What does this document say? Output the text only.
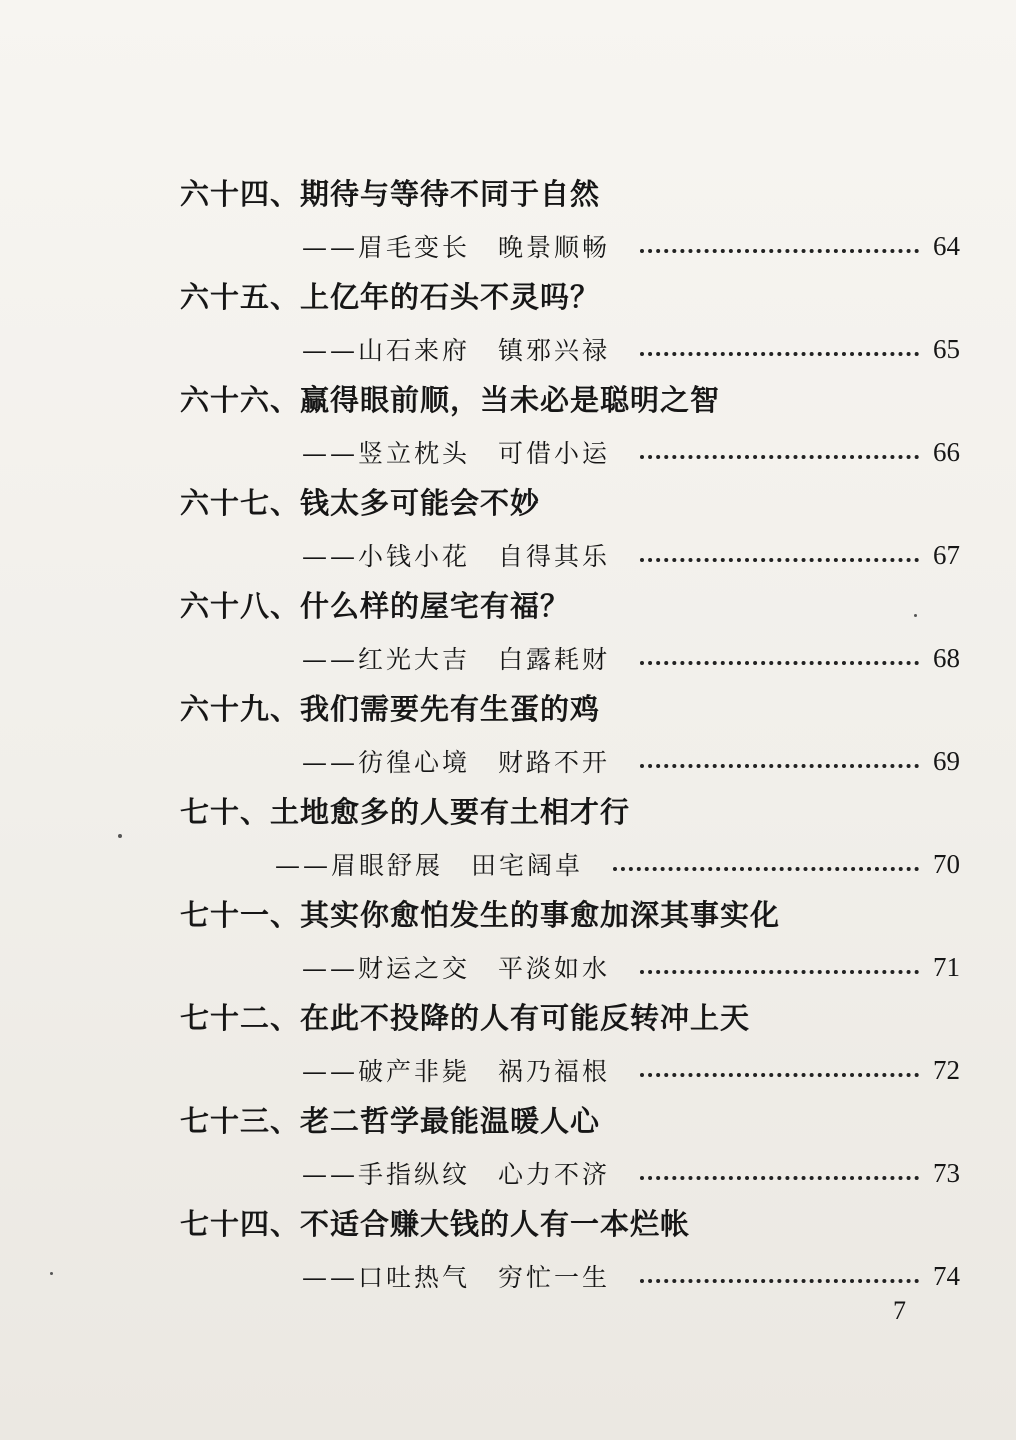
六十四、期待与等待不同于自然
——眉毛变长　晚景顺畅	64
六十五、上亿年的石头不灵吗？
——山石来府　镇邪兴禄	65
六十六、赢得眼前顺，当未必是聪明之智
——竖立枕头　可借小运	66
六十七、钱太多可能会不妙
——小钱小花　自得其乐	67
六十八、什么样的屋宅有福？
——红光大吉　白露耗财	68
六十九、我们需要先有生蛋的鸡
——彷徨心境　财路不开	69
七十、土地愈多的人要有土相才行
——眉眼舒展　田宅阔卓	70
七十一、其实你愈怕发生的事愈加深其事实化
——财运之交　平淡如水	71
七十二、在此不投降的人有可能反转冲上天
——破产非毙　祸乃福根	72
七十三、老二哲学最能温暖人心
——手指纵纹　心力不济	73
七十四、不适合赚大钱的人有一本烂帐
——口吐热气　穷忙一生	74
7
